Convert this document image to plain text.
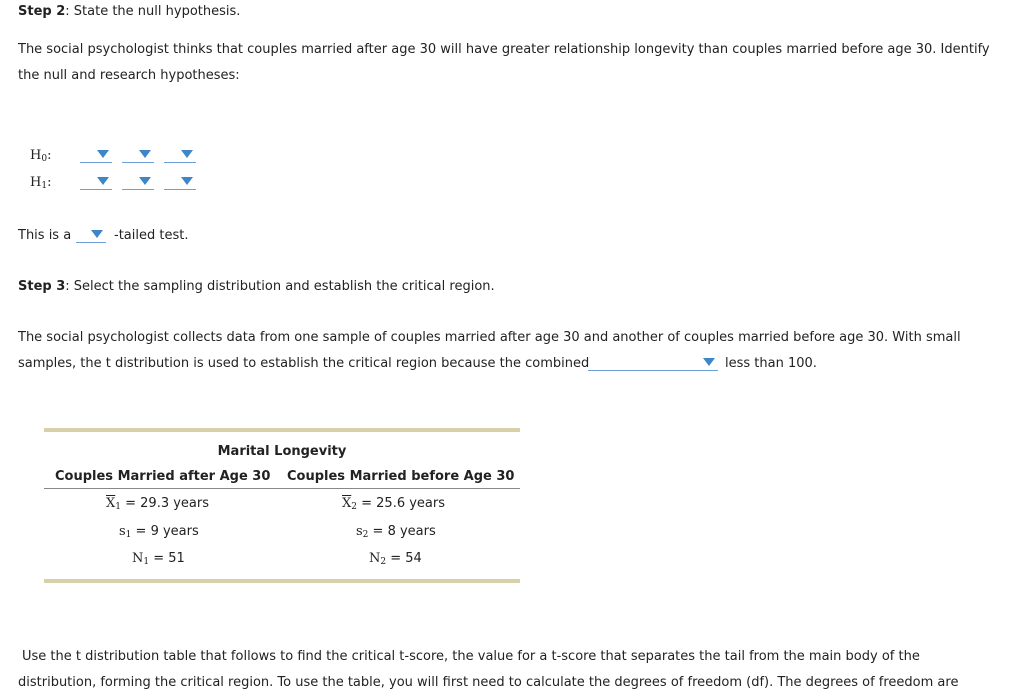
Step 2: State the null hypothesis.
The social psychologist thinks that couples married after age 30 will have greater relationship longevity than couples married before age 30. Identify
the null and research hypotheses:
$H_0$:
$H_1$:
This is a	-tailed test.
Step 3: Select the sampling distribution and establish the critical region.
The social psychologist collects data from one sample of couples married after age 30 and another of couples married before age 30. With small
samples, the t distribution is used to establish the critical region because the combined	less than 100.
Marital Longevity
Couples Married after Age 30 Couples Married before Age 30
$\overline{X}_1 = 29.3$ years
$s_1 = 9$ years
$N_1 = 51$
$\overline{X}_2 = 25.6$ years
$s_2 = 8$ years
$N_2 = 54$
Use the t distribution table that follows to find the critical t-score, the value for a t-score that separates the tail from the main body of the
distribution, forming the critical region. To use the table, you will first need to calculate the degrees of freedom (df). The degrees of freedom are
